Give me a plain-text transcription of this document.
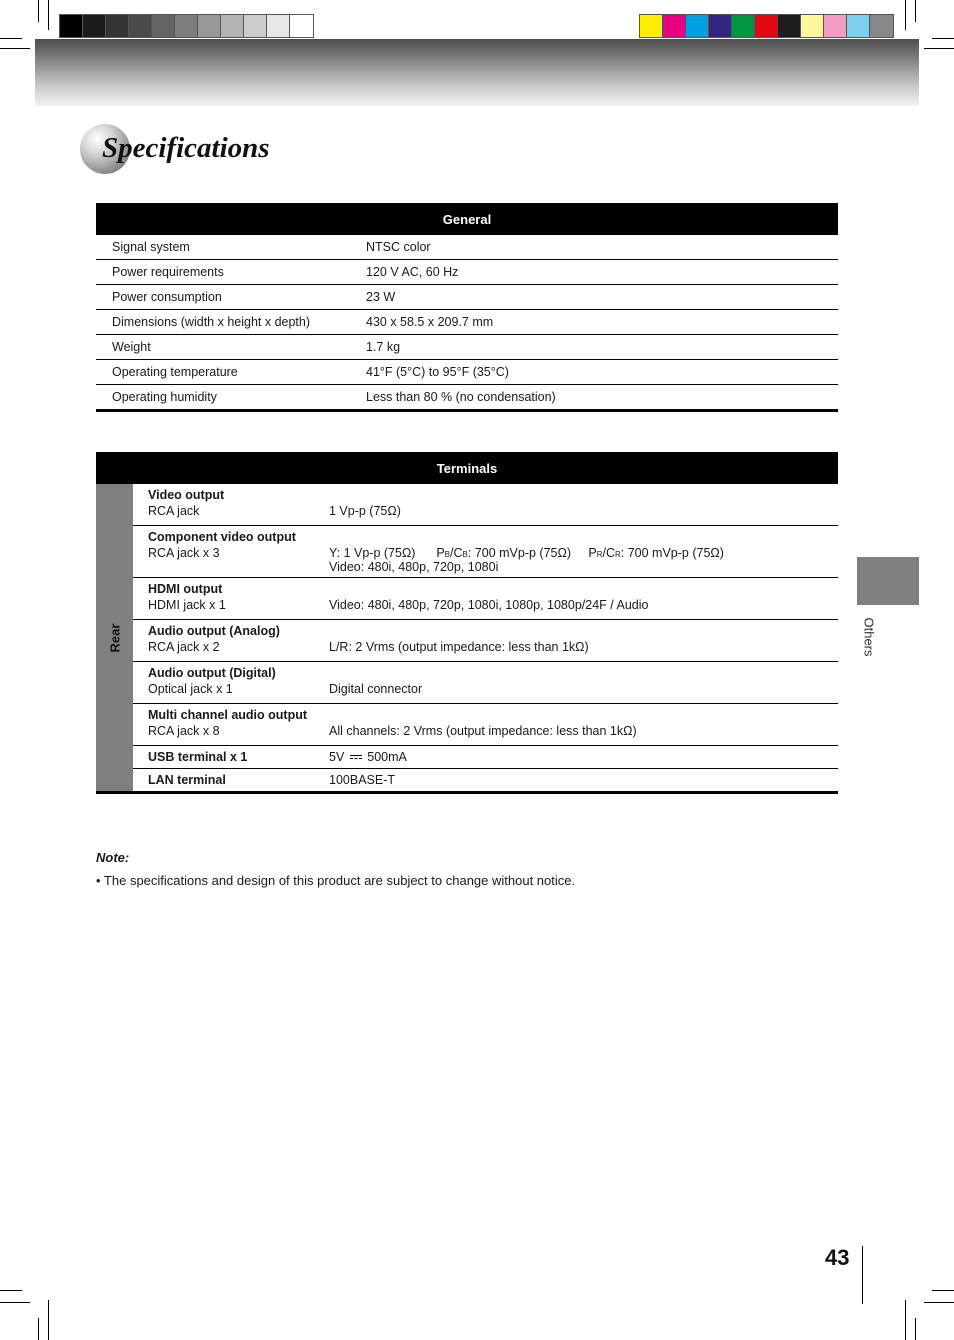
Specifications
General	
Signal system	NTSC color
Power requirements	120 V AC, 60 Hz
Power consumption	23 W
Dimensions (width x height x depth)	430 x 58.5 x 209.7 mm
Weight	1.7 kg
Operating temperature	41°F (5°C) to 95°F (35°C)
Operating humidity	Less than 80 % (no condensation)
Terminals		

Rear	Video output	
	RCA jack	1 Vp-p (75Ω)
	Component video output	
	RCA jack x 3	Y: 1 Vp-p (75Ω) PB/CB: 700 mVp-p (75Ω) PR/CR: 700 mVp-p (75Ω)
Video: 480i, 480p, 720p, 1080i
	HDMI output	
	HDMI jack x 1	Video: 480i, 480p, 720p, 1080i, 1080p, 1080p/24F / Audio
	Audio output (Analog)	
	RCA jack x 2	L/R: 2 Vrms (output impedance: less than 1kΩ)
	Audio output (Digital)	
	Optical jack x 1	Digital connector
	Multi channel audio output	
	RCA jack x 8	All channels: 2 Vrms (output impedance: less than 1kΩ)
	USB terminal x 1	5V 500mA
	LAN terminal	100BASE-T
Note:
• The specifications and design of this product are subject to change without notice.
Others
43
